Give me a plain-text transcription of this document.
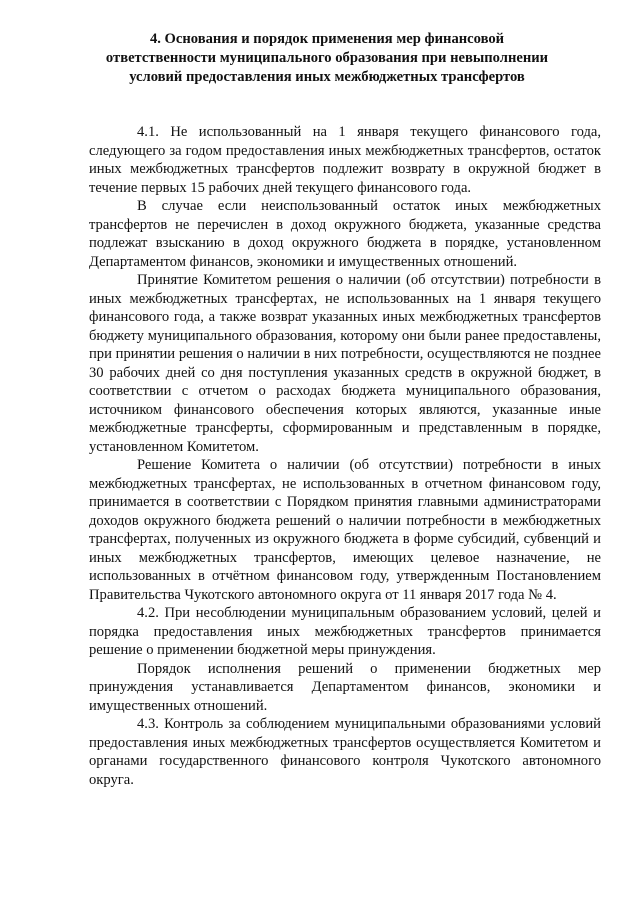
4. Основания и порядок применения мер финансовой
ответственности муниципального образования при невыполнении
условий предоставления иных межбюджетных трансфертов

4.1. Не использованный на 1 января текущего финансового года, следующего за годом предоставления иных межбюджетных трансфертов, остаток иных межбюджетных трансфертов подлежит возврату в окружной бюджет в течение первых 15 рабочих дней текущего финансового года.

В случае если неиспользованный остаток иных межбюджетных трансфертов не перечислен в доход окружного бюджета, указанные средства подлежат взысканию в доход окружного бюджета в порядке, установленном Департаментом финансов, экономики и имущественных отношений.

Принятие Комитетом решения о наличии (об отсутствии) потребности в иных межбюджетных трансфертах, не использованных на 1 января текущего финансового года, а также возврат указанных иных межбюджетных трансфертов бюджету муниципального образования, которому они были ранее предоставлены, при принятии решения о наличии в них потребности, осуществляются не позднее 30 рабочих дней со дня поступления указанных средств в окружной бюджет, в соответствии с отчетом о расходах бюджета муниципального образования, источником финансового обеспечения которых являются, указанные иные межбюджетные трансферты, сформированным и представленным в порядке, установленном Комитетом.

Решение Комитета о наличии (об отсутствии) потребности в иных межбюджетных трансфертах, не использованных в отчетном финансовом году, принимается в соответствии с Порядком принятия главными администраторами доходов окружного бюджета решений о наличии потребности в межбюджетных трансфертах, полученных из окружного бюджета в форме субсидий, субвенций и иных межбюджетных трансфертов, имеющих целевое назначение, не использованных в отчётном финансовом году, утвержденным Постановлением Правительства Чукотского автономного округа от 11 января 2017 года № 4.

4.2. При несоблюдении муниципальным образованием условий, целей и порядка предоставления иных межбюджетных трансфертов принимается решение о применении бюджетной меры принуждения.

Порядок исполнения решений о применении бюджетных мер принуждения устанавливается Департаментом финансов, экономики и имущественных отношений.

4.3. Контроль за соблюдением муниципальными образованиями условий предоставления иных межбюджетных трансфертов осуществляется Комитетом и органами государственного финансового контроля Чукотского автономного округа.
